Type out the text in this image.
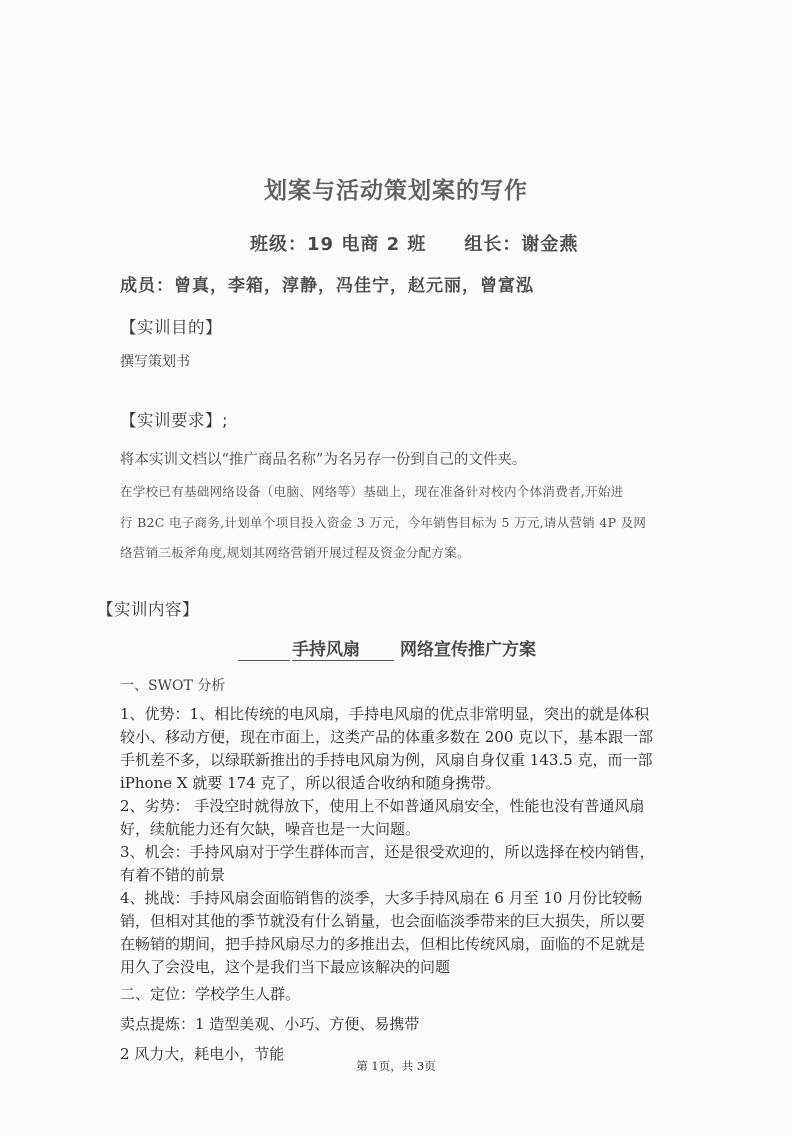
划案与活动策划案的写作
班级：19 电商 2 班 组长：谢金燕
成员：曾真，李箱，淳静，冯佳宁，赵元丽，曾富泓
【实训目的】
撰写策划书
【实训要求】;
将本实训文档以“推广商品名称”为名另存一份到自己的文件夹。
在学校已有基础网络设备（电脑、网络等）基础上，现在准备针对校内个体消费者,开始进
行 B2C 电子商务,计划单个项目投入资金 3 万元，今年销售目标为 5 万元,请从营销 4P 及网
络营销三板斧角度,规划其网络营销开展过程及资金分配方案。
【实训内容】
手持风扇 网络宣传推广方案
一、SWOT 分析
1、优势：1、相比传统的电风扇，手持电风扇的优点非常明显，突出的就是体积
较小、移动方便，现在市面上，这类产品的体重多数在 200 克以下，基本跟一部
手机差不多，以绿联新推出的手持电风扇为例，风扇自身仅重 143.5 克，而一部
iPhone X 就要 174 克了，所以很适合收纳和随身携带。
2、劣势： 手没空时就得放下，使用上不如普通风扇安全，性能也没有普通风扇
好，续航能力还有欠缺，噪音也是一大问题。
3、机会：手持风扇对于学生群体而言，还是很受欢迎的，所以选择在校内销售，
有着不错的前景
4、挑战：手持风扇会面临销售的淡季，大多手持风扇在 6 月至 10 月份比较畅
销，但相对其他的季节就没有什么销量，也会面临淡季带来的巨大损失，所以要
在畅销的期间，把手持风扇尽力的多推出去，但相比传统风扇，面临的不足就是
用久了会没电，这个是我们当下最应该解决的问题
二、定位：学校学生人群。
卖点提炼：1 造型美观、小巧、方便、易携带
2 风力大，耗电小，节能
第 1页，共 3页
